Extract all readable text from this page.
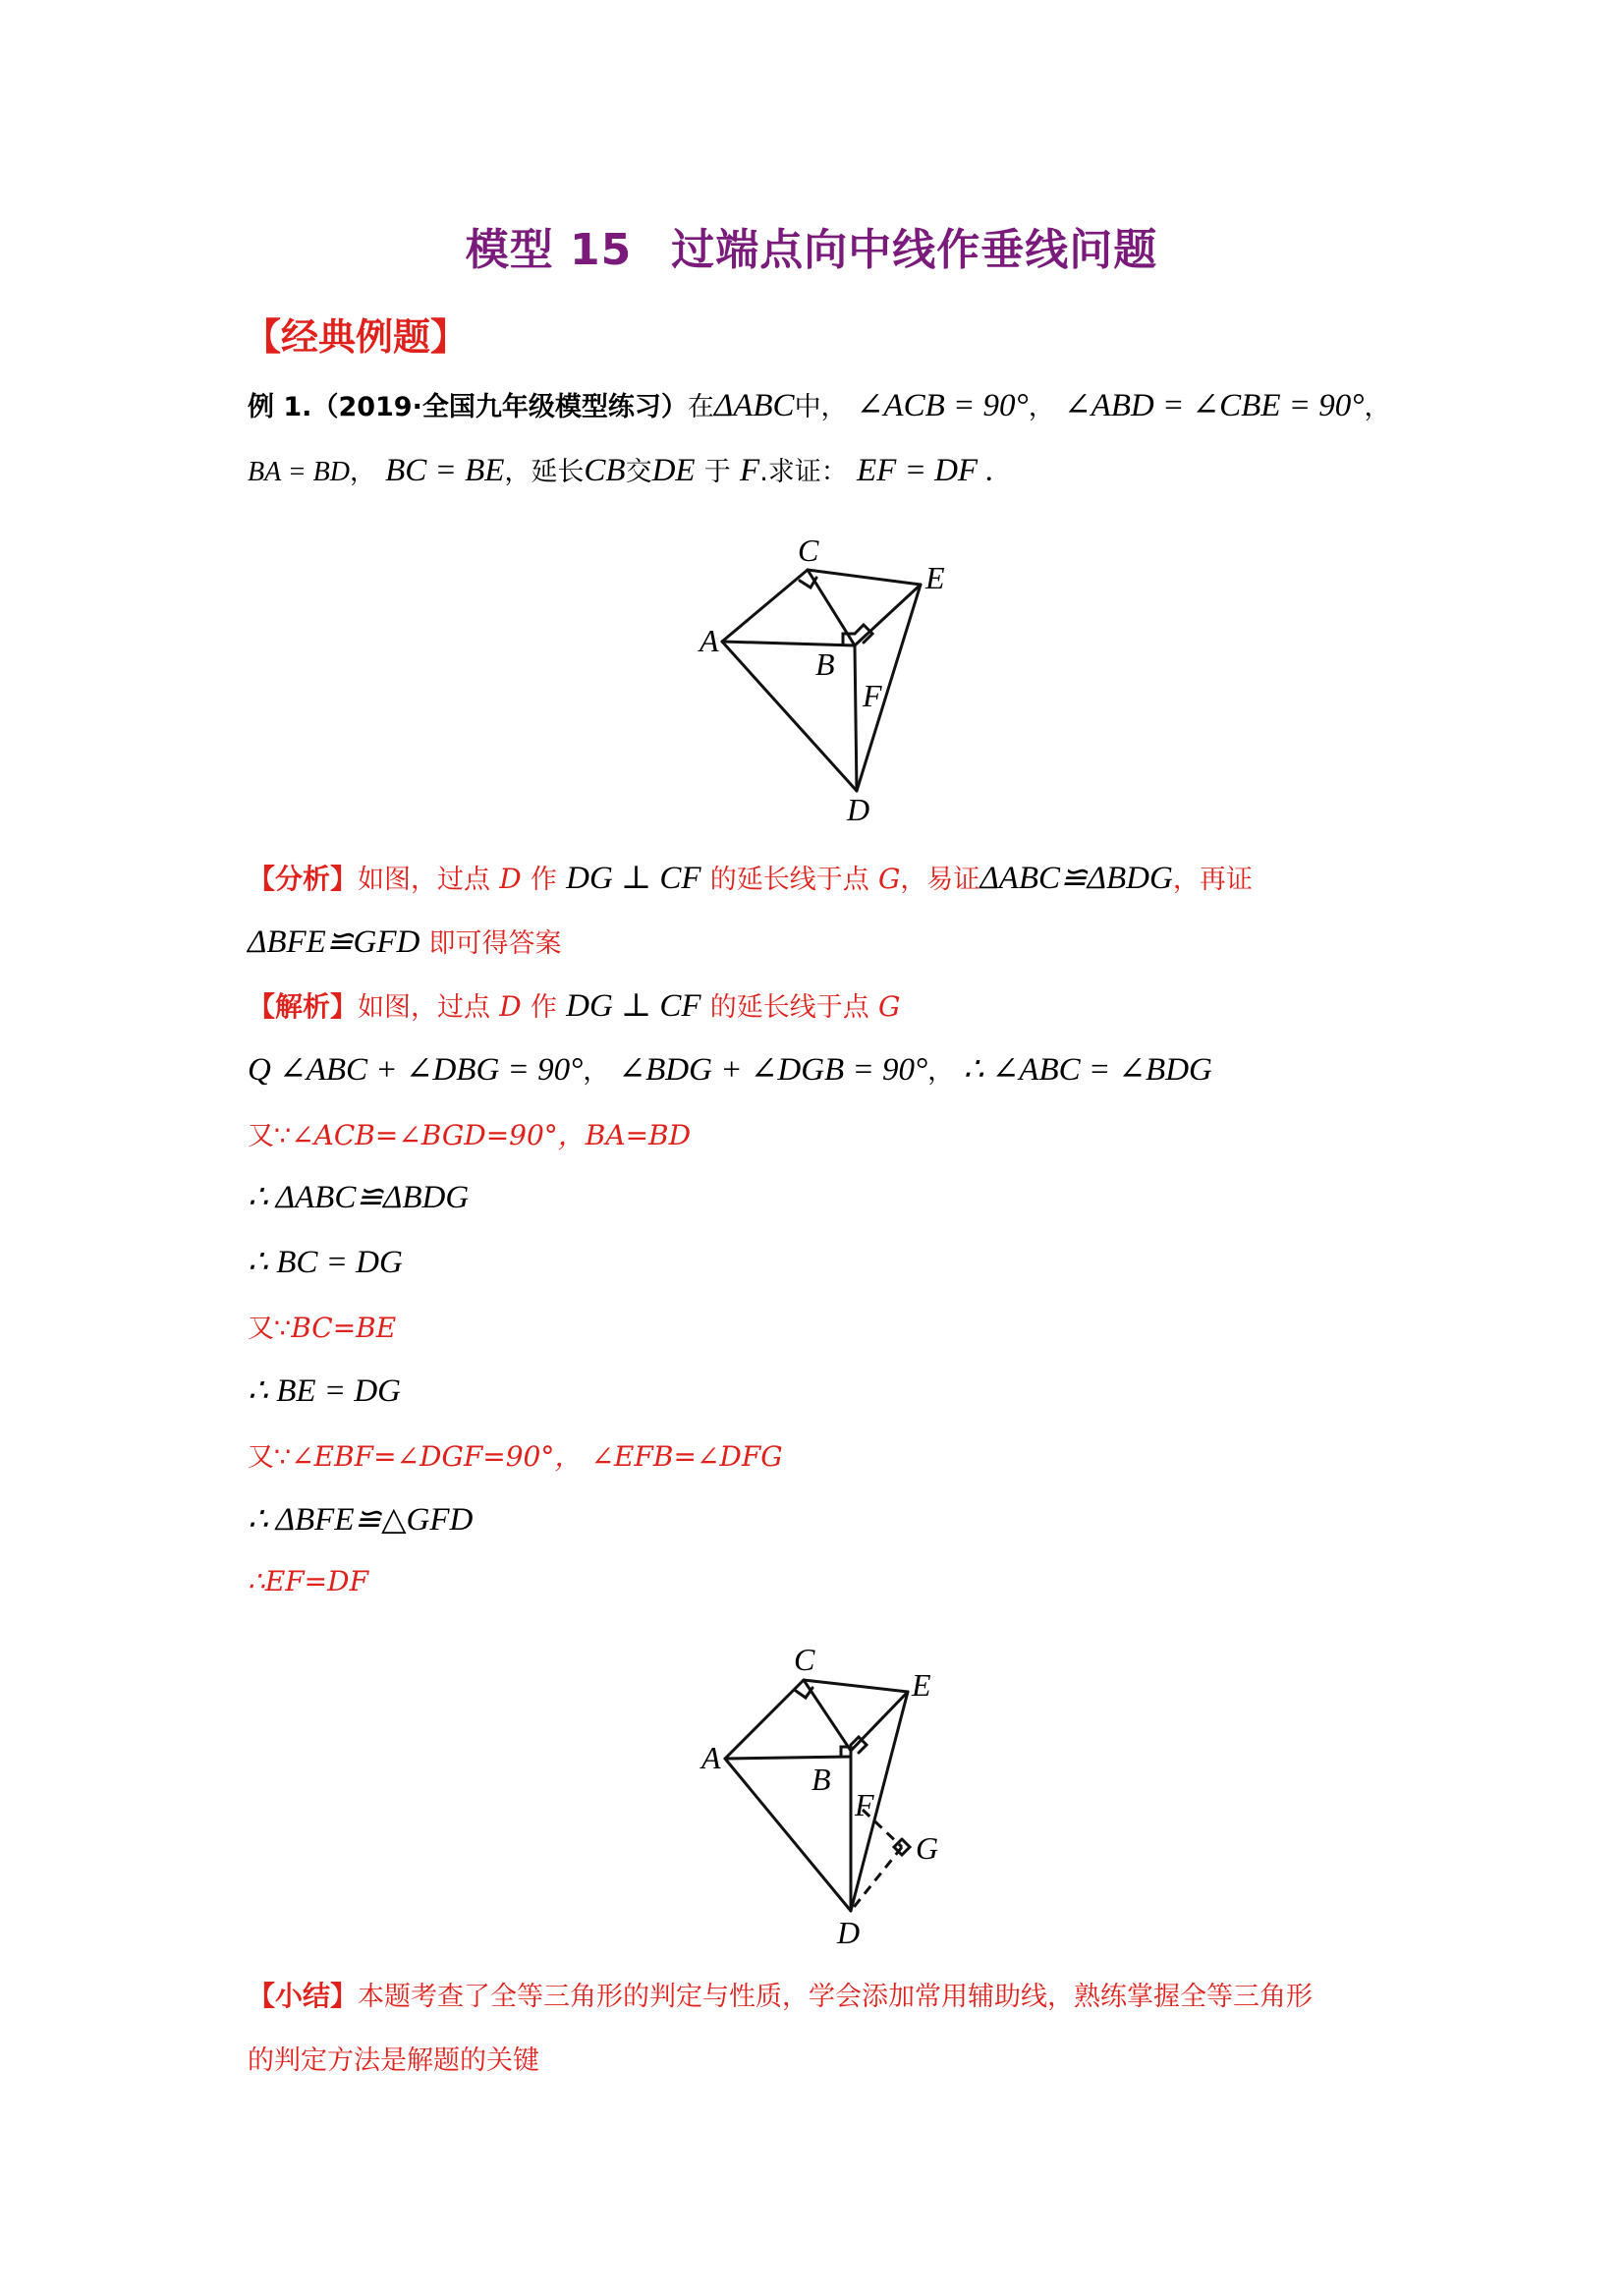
模型 15 过端点向中线作垂线问题
【经典例题】
例 1.（2019·全国九年级模型练习）在ΔABC中， ∠ACB = 90°， ∠ABD = ∠CBE = 90°，
BA = BD， BC = BE，延长CB交DE 于 F.求证： EF = DF .
C
E
A
B
F
D
【分析】如图，过点 D 作 DG ⊥ CF 的延长线于点 G，易证ΔABC≌ΔBDG，再证
ΔBFE≌GFD 即可得答案
【解析】如图，过点 D 作 DG ⊥ CF 的延长线于点 G
Q ∠ABC + ∠DBG = 90°， ∠BDG + ∠DGB = 90°， ∴ ∠ABC = ∠BDG
又∵∠ACB=∠BGD=90°，BA=BD
∴ ΔABC≌ΔBDG
∴ BC = DG
又∵BC=BE
∴ BE = DG
又∵∠EBF=∠DGF=90°， ∠EFB=∠DFG
∴ ΔBFE≌△GFD
∴EF=DF
C
E
A
B
F
G
D
【小结】本题考查了全等三角形的判定与性质，学会添加常用辅助线，熟练掌握全等三角形
的判定方法是解题的关键
